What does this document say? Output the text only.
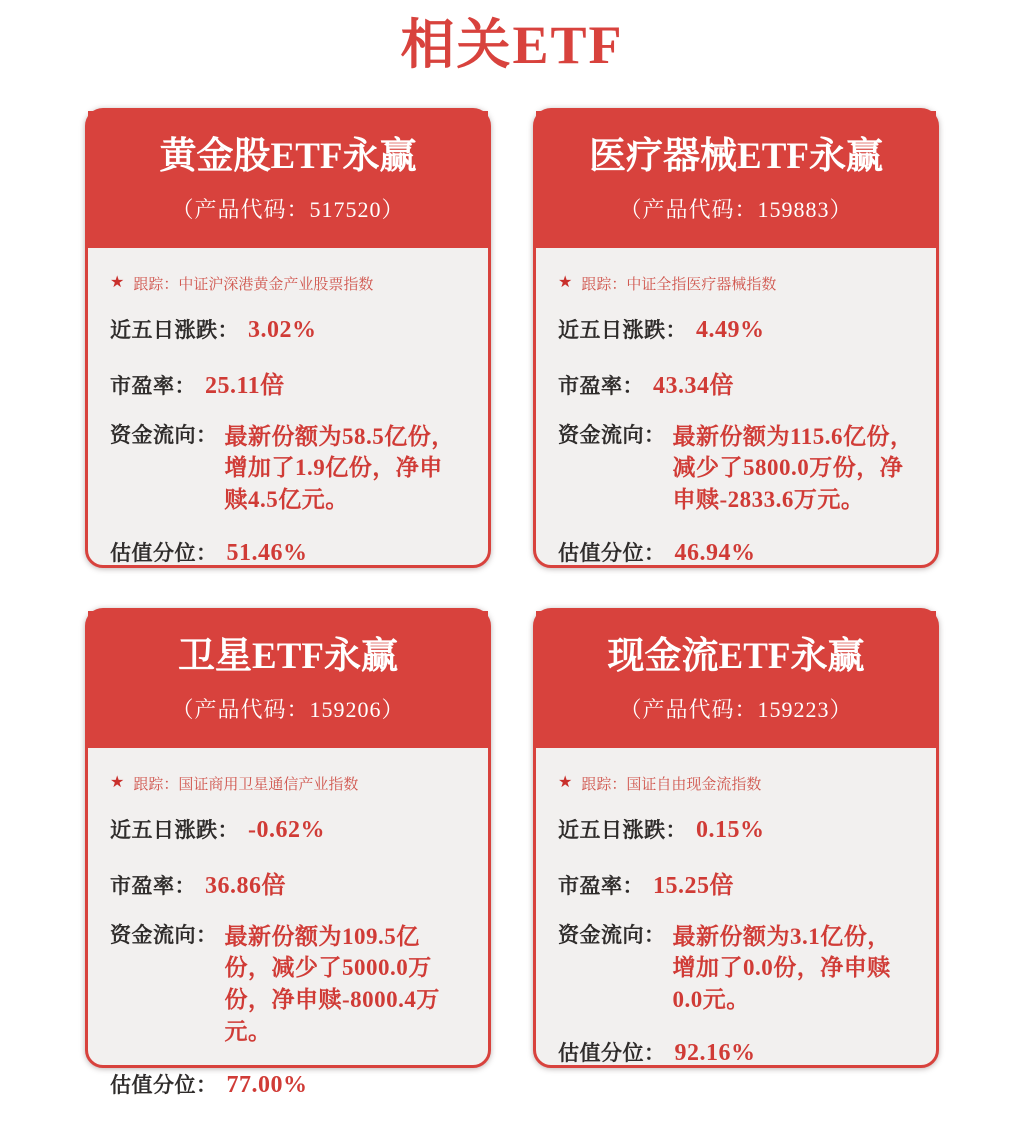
相关ETF
黄金股ETF永赢
（产品代码：517520）
★ 跟踪： 中证沪深港黄金产业股票指数
近五日涨跌： 3.02%
市盈率： 25.11倍
资金流向： 最新份额为58.5亿份，增加了1.9亿份，净申赎4.5亿元。
估值分位： 51.46%
医疗器械ETF永赢
（产品代码：159883）
★ 跟踪： 中证全指医疗器械指数
近五日涨跌： 4.49%
市盈率： 43.34倍
资金流向： 最新份额为115.6亿份，减少了5800.0万份，净申赎-2833.6万元。
估值分位： 46.94%
卫星ETF永赢
（产品代码：159206）
★ 跟踪： 国证商用卫星通信产业指数
近五日涨跌： -0.62%
市盈率： 36.86倍
资金流向： 最新份额为109.5亿份，减少了5000.0万份，净申赎-8000.4万元。
估值分位： 77.00%
现金流ETF永赢
（产品代码：159223）
★ 跟踪： 国证自由现金流指数
近五日涨跌： 0.15%
市盈率： 15.25倍
资金流向： 最新份额为3.1亿份，增加了0.0份，净申赎0.0元。
估值分位： 92.16%
